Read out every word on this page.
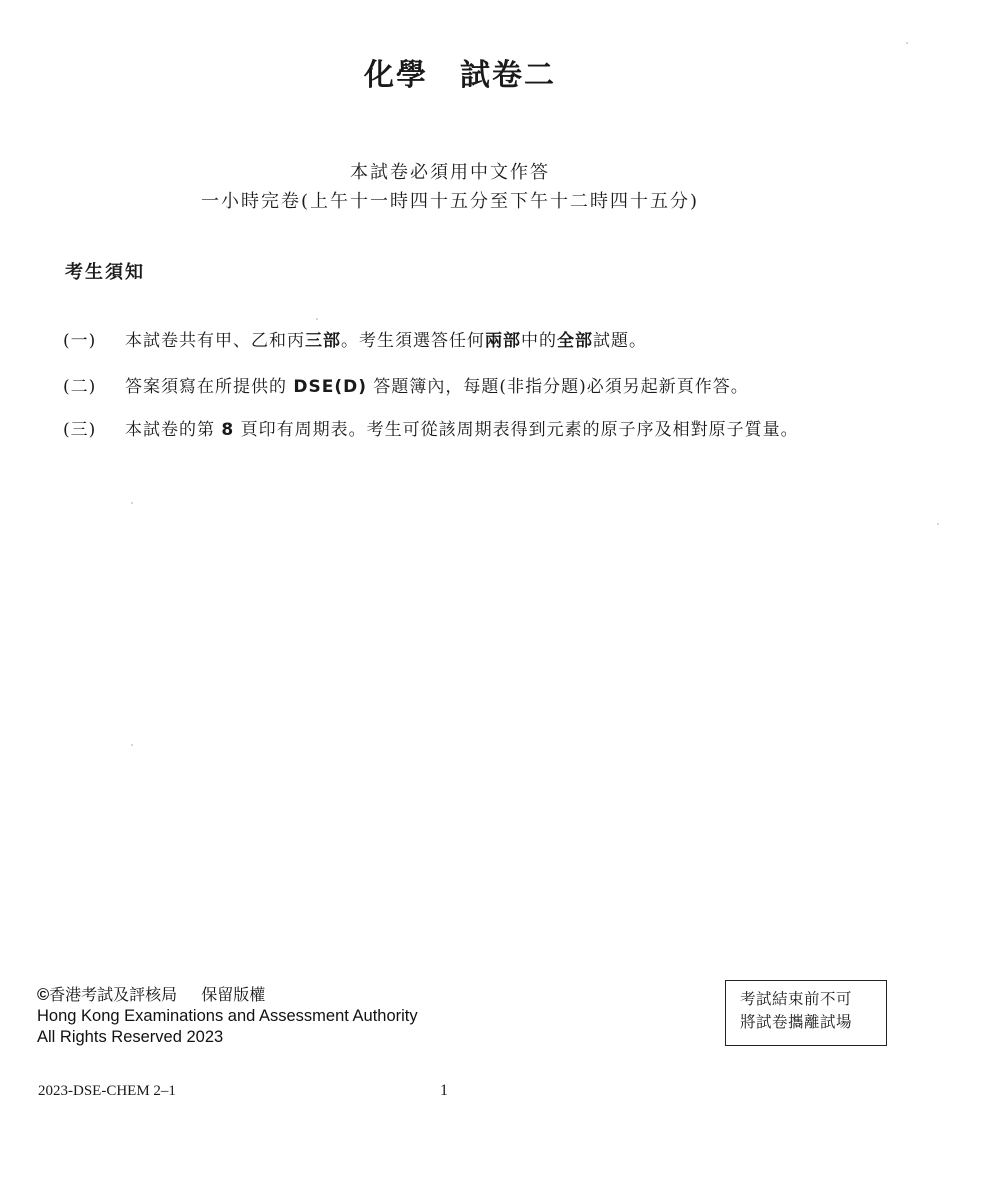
化學　試卷二
本試卷必須用中文作答
一小時完卷(上午十一時四十五分至下午十二時四十五分)
考生須知
(一) 本試卷共有甲、乙和丙三部。考生須選答任何兩部中的全部試題。
(二) 答案須寫在所提供的 DSE(D) 答題簿內，每題(非指分題)必須另起新頁作答。
(三) 本試卷的第 8 頁印有周期表。考生可從該周期表得到元素的原子序及相對原子質量。
©香港考試及評核局 保留版權
Hong Kong Examinations and Assessment Authority
All Rights Reserved 2023
考試結束前不可
將試卷攜離試場
2023-DSE-CHEM 2–1	1
